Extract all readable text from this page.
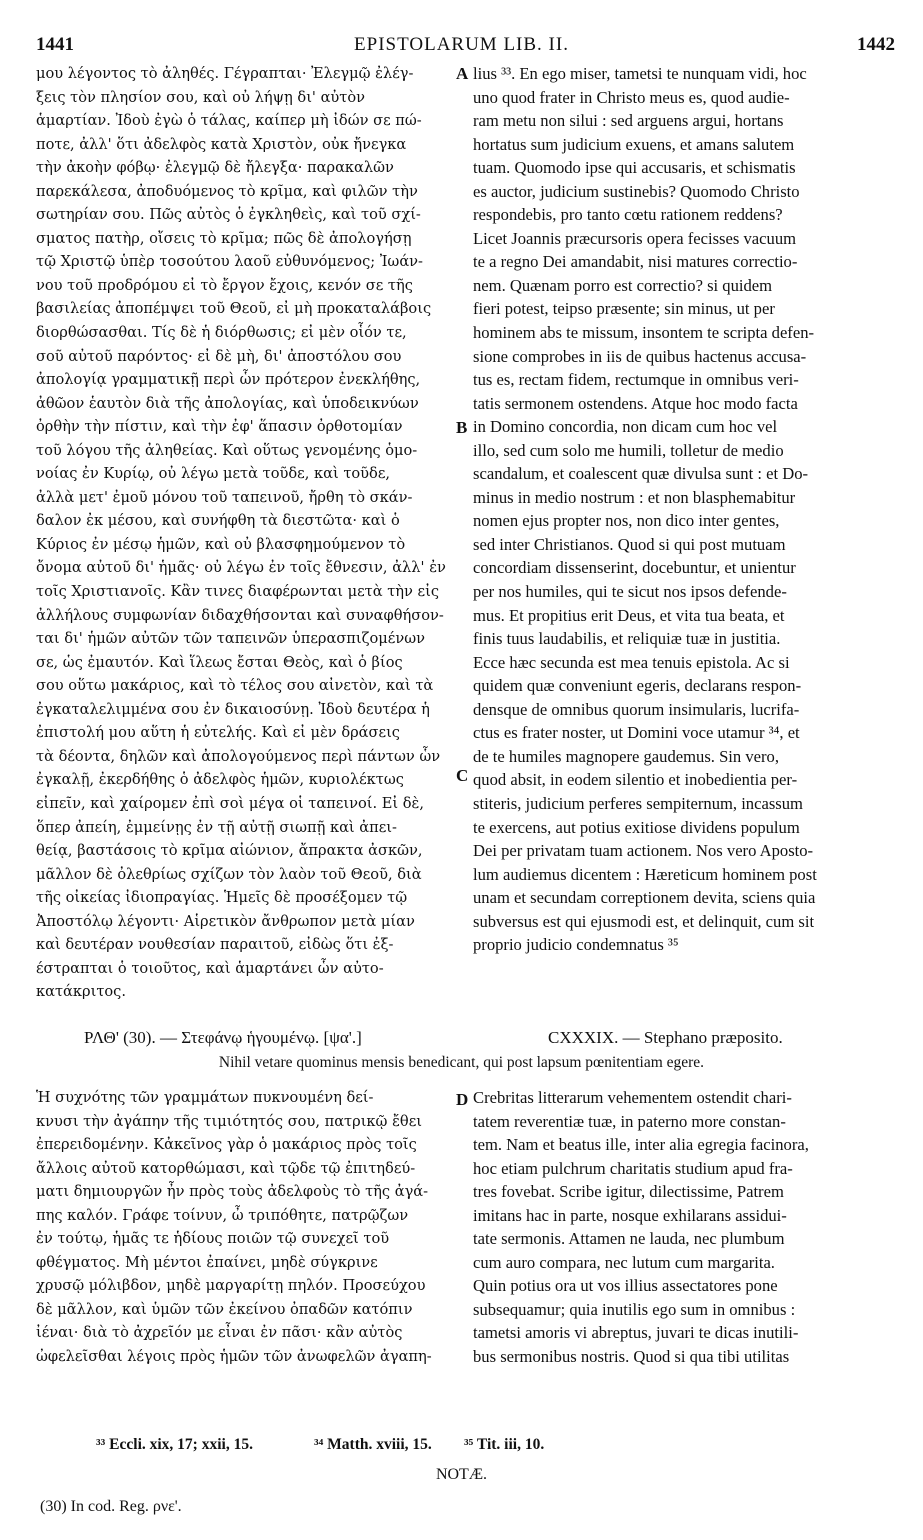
1441	EPISTOLARUM LIB. II.	1442
μου λέγοντος τὸ ἀληθές. Γέγραπται· Ἐλεγμῷ ἐλέγ-
ξεις τὸν πλησίον σου, καὶ οὐ λήψῃ δι' αὐτὸν
ἁμαρτίαν. Ἰδοὺ ἐγὼ ὁ τάλας, καίπερ μὴ ἰδών σε πώ-
ποτε, ἀλλ' ὅτι ἀδελφὸς κατὰ Χριστὸν, οὐκ ἤνεγκα
τὴν ἀκοὴν φόβῳ· ἐλεγμῷ δὲ ἤλεγξα· παρακαλῶν
παρεκάλεσα, ἀποδυόμενος τὸ κρῖμα, καὶ φιλῶν τὴν
σωτηρίαν σου. Πῶς αὐτὸς ὁ ἐγκληθεὶς, καὶ τοῦ σχί-
σματος πατὴρ, οἴσεις τὸ κρῖμα; πῶς δὲ ἀπολογήσῃ
τῷ Χριστῷ ὑπὲρ τοσούτου λαοῦ εὐθυνόμενος; Ἰωάν-
νου τοῦ προδρόμου εἰ τὸ ἔργον ἔχοις, κενόν σε τῆς
βασιλείας ἀποπέμψει τοῦ Θεοῦ, εἰ μὴ προκαταλάβοις
διορθώσασθαι. Τίς δὲ ἡ διόρθωσις; εἰ μὲν οἷόν τε,
σοῦ αὐτοῦ παρόντος· εἰ δὲ μὴ, δι' ἀποστόλου σου
ἀπολογίᾳ γραμματικῇ περὶ ὧν πρότερον ἐνεκλήθης,
ἀθῶον ἑαυτὸν διὰ τῆς ἀπολογίας, καὶ ὑποδεικνύων
ὀρθὴν τὴν πίστιν, καὶ τὴν ἐφ' ἅπασιν ὀρθοτομίαν
τοῦ λόγου τῆς ἀληθείας. Καὶ οὕτως γενομένης ὁμο-
νοίας ἐν Κυρίῳ, οὐ λέγω μετὰ τοῦδε, καὶ τοῦδε,
ἀλλὰ μετ' ἐμοῦ μόνου τοῦ ταπεινοῦ, ἤρθη τὸ σκάν-
δαλον ἐκ μέσου, καὶ συνήφθη τὰ διεστῶτα· καὶ ὁ
Κύριος ἐν μέσῳ ἡμῶν, καὶ οὐ βλασφημούμενον τὸ
ὄνομα αὐτοῦ δι' ἡμᾶς· οὐ λέγω ἐν τοῖς ἔθνεσιν, ἀλλ' ἐν
τοῖς Χριστιανοῖς. Κἂν τινες διαφέρωνται μετὰ τὴν εἰς
ἀλλήλους συμφωνίαν διδαχθήσονται καὶ συναφθήσον-
ται δι' ἡμῶν αὐτῶν τῶν ταπεινῶν ὑπερασπιζομένων
σε, ὡς ἐμαυτόν. Καὶ ἵλεως ἔσται Θεὸς, καὶ ὁ βίος
σου οὕτω μακάριος, καὶ τὸ τέλος σου αἰνετὸν, καὶ τὰ
ἐγκαταλελιμμένα σου ἐν δικαιοσύνῃ. Ἰδοὺ δευτέρα ἡ
ἐπιστολή μου αὕτη ἡ εὐτελής. Καὶ εἰ μὲν δράσεις
τὰ δέοντα, δηλῶν καὶ ἀπολογούμενος περὶ πάντων ὧν
ἐγκαλῇ, ἐκερδήθης ὁ ἀδελφὸς ἡμῶν, κυριολέκτως
εἰπεῖν, καὶ χαίρομεν ἐπὶ σοὶ μέγα οἱ ταπεινοί. Εἰ δὲ,
ὅπερ ἀπείη, ἐμμείνῃς ἐν τῇ αὐτῇ σιωπῇ καὶ ἀπει-
θείᾳ, βαστάσοις τὸ κρῖμα αἰώνιον, ἄπρακτα ἀσκῶν,
μᾶλλον δὲ ὀλεθρίως σχίζων τὸν λαὸν τοῦ Θεοῦ, διὰ
τῆς οἰκείας ἰδιοπραγίας. Ἡμεῖς δὲ προσέξομεν τῷ
Ἀποστόλῳ λέγοντι· Αἱρετικὸν ἄνθρωπον μετὰ μίαν
καὶ δευτέραν νουθεσίαν παραιτοῦ, εἰδὼς ὅτι ἐξ-
έστραπται ὁ τοιοῦτος, καὶ ἁμαρτάνει ὧν αὐτο-
κατάκριτος.
lius ³³. En ego miser, tametsi te nunquam vidi, hoc
uno quod frater in Christo meus es, quod audie-
ram metu non silui : sed arguens argui, hortans
hortatus sum judicium exuens, et amans salutem
tuam. Quomodo ipse qui accusaris, et schismatis
es auctor, judicium sustinebis? Quomodo Christo
respondebis, pro tanto cœtu rationem reddens?
Licet Joannis præcursoris opera fecisses vacuum
te a regno Dei amandabit, nisi matures correctio-
nem. Quænam porro est correctio? si quidem
fieri potest, teipso præsente; sin minus, ut per
hominem abs te missum, insontem te scripta defen-
sione comprobes in iis de quibus hactenus accusa-
tus es, rectam fidem, rectumque in omnibus veri-
tatis sermonem ostendens. Atque hoc modo facta
in Domino concordia, non dicam cum hoc vel
illo, sed cum solo me humili, tolletur de medio
scandalum, et coalescent quæ divulsa sunt : et Do-
minus in medio nostrum : et non blasphemabitur
nomen ejus propter nos, non dico inter gentes,
sed inter Christianos. Quod si qui post mutuam
concordiam dissenserint, docebuntur, et unientur
per nos humiles, qui te sicut nos ipsos defende-
mus. Et propitius erit Deus, et vita tua beata, et
finis tuus laudabilis, et reliquiæ tuæ in justitia.
Ecce hæc secunda est mea tenuis epistola. Ac si
quidem quæ conveniunt egeris, declarans respon-
densque de omnibus quorum insimularis, lucrifa-
ctus es frater noster, ut Domini voce utamur ³⁴, et
de te humiles magnopere gaudemus. Sin vero,
quod absit, in eodem silentio et inobedientia per-
stiteris, judicium perferes sempiternum, incassum
te exercens, aut potius exitiose dividens populum
Dei per privatam tuam actionem. Nos vero Aposto-
lum audiemus dicentem : Hæreticum hominem post
unam et secundam correptionem devita, sciens quia
subversus est qui ejusmodi est, et delinquit, cum sit
proprio judicio condemnatus ³⁵
A
B
C
D
ΡΛΘ' (30). — Στεφάνῳ ἡγουμένῳ. [ψα'.]	CXXXIX. — Stephano præposito.
Nihil vetare quominus mensis benedicant, qui post lapsum pœnitentiam egere.
Ἡ συχνότης τῶν γραμμάτων πυκνουμένη δεί-
κνυσι τὴν ἀγάπην τῆς τιμιότητός σου, πατρικῷ ἔθει
ἐπερειδομένην. Κἀκεῖνος γὰρ ὁ μακάριος πρὸς τοῖς
ἄλλοις αὐτοῦ κατορθώμασι, καὶ τῷδε τῷ ἐπιτηδεύ-
ματι δημιουργῶν ἦν πρὸς τοὺς ἀδελφοὺς τὸ τῆς ἀγά-
πης καλόν. Γράφε τοίνυν, ὦ τριπόθητε, πατρῷζων
ἐν τούτῳ, ἡμᾶς τε ἡδίους ποιῶν τῷ συνεχεῖ τοῦ
φθέγματος. Μὴ μέντοι ἐπαίνει, μηδὲ σύγκρινε
χρυσῷ μόλιβδον, μηδὲ μαργαρίτῃ πηλόν. Προσεύχου
δὲ μᾶλλον, καὶ ὑμῶν τῶν ἐκείνου ὀπαδῶν κατόπιν
ἰέναι· διὰ τὸ ἀχρεῖόν με εἶναι ἐν πᾶσι· κἂν αὐτὸς
ὠφελεῖσθαι λέγοις πρὸς ἡμῶν τῶν ἀνωφελῶν ἀγαπη-
Crebritas litterarum vehementem ostendit chari-
tatem reverentiæ tuæ, in paterno more constan-
tem. Nam et beatus ille, inter alia egregia facinora,
hoc etiam pulchrum charitatis studium apud fra-
tres fovebat. Scribe igitur, dilectissime, Patrem
imitans hac in parte, nosque exhilarans assidui-
tate sermonis. Attamen ne lauda, nec plumbum
cum auro compara, nec lutum cum margarita.
Quin potius ora ut vos illius assectatores pone
subsequamur; quia inutilis ego sum in omnibus :
tametsi amoris vi abreptus, juvari te dicas inutili-
bus sermonibus nostris. Quod si qua tibi utilitas
³³ Eccli. xix, 17; xxii, 15.	³⁴ Matth. xviii, 15. ³⁵ Tit. iii, 10.
NOTÆ.
(30) In cod. Reg. ρνε'.
